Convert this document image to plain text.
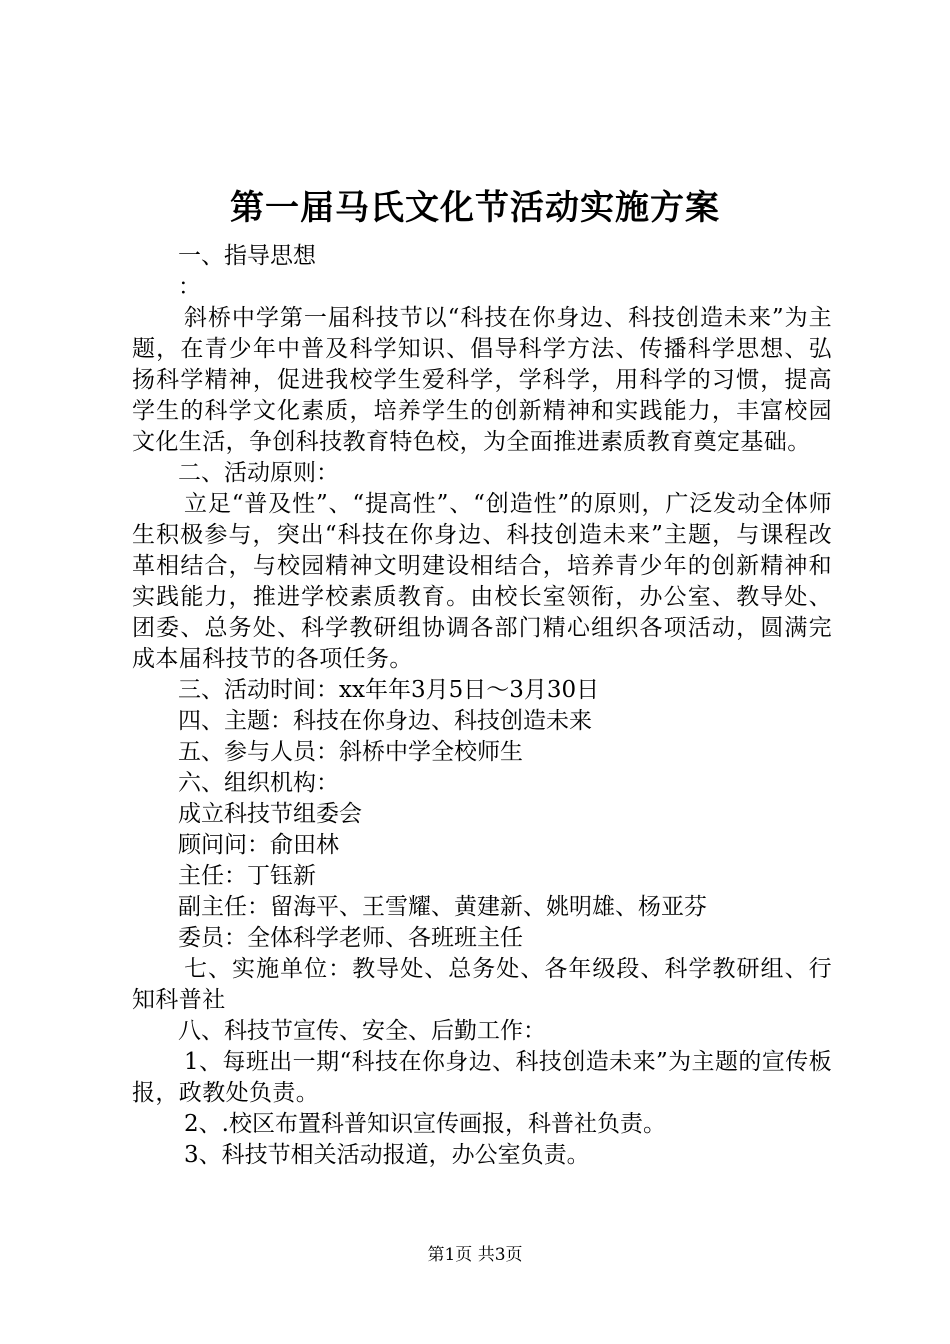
第一届马氏文化节活动实施方案
一、指导思想
：

斜桥中学第一届科技节以“科技在你身边、科技创造未来”为主题，在青少年中普及科学知识、倡导科学方法、传播科学思想、弘扬科学精神，促进我校学生爱科学，学科学，用科学的习惯，提高学生的科学文化素质，培养学生的创新精神和实践能力，丰富校园文化生活，争创科技教育特色校，为全面推进素质教育奠定基础。

二、活动原则：

立足“普及性”、“提高性”、“创造性”的原则，广泛发动全体师生积极参与，突出“科技在你身边、科技创造未来”主题，与课程改革相结合，与校园精神文明建设相结合，培养青少年的创新精神和实践能力，推进学校素质教育。由校长室领衔，办公室、教导处、团委、总务处、科学教研组协调各部门精心组织各项活动，圆满完成本届科技节的各项任务。

三、活动时间：xx年年3月5日～3月30日
四、主题：科技在你身边、科技创造未来
五、参与人员：斜桥中学全校师生
六、组织机构：
成立科技节组委会
顾问问：俞田林
主任：丁钰新
副主任：留海平、王雪耀、黄建新、姚明雄、杨亚芬
委员：全体科学老师、各班班主任

七、实施单位：教导处、总务处、各年级段、科学教研组、行知科普社

八、科技节宣传、安全、后勤工作：

1、每班出一期“科技在你身边、科技创造未来”为主题的宣传板报，政教处负责。

2、.校区布置科普知识宣传画报，科普社负责。
3、科技节相关活动报道，办公室负责。
第1页 共3页
